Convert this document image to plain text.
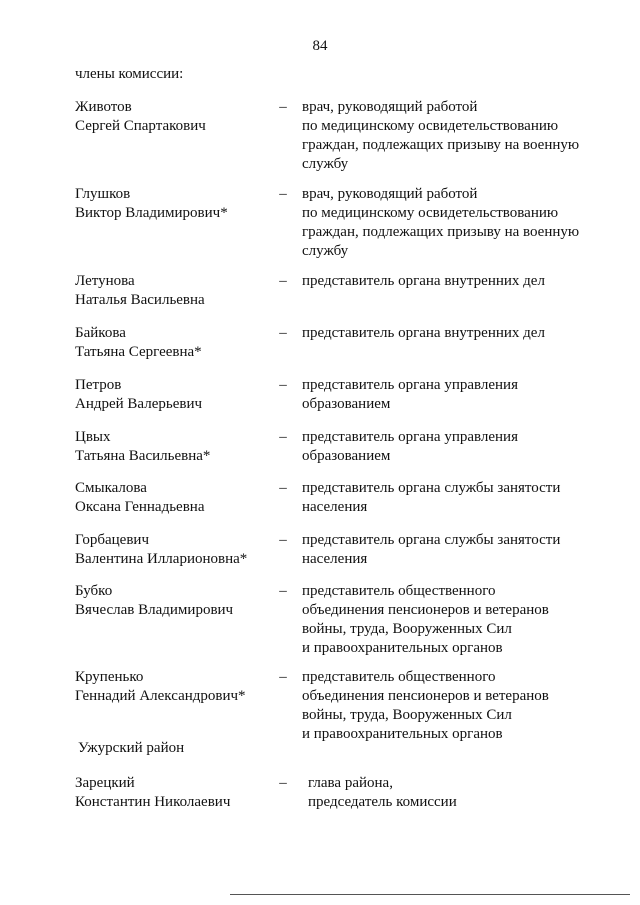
84
члены комиссии:
Животов
Сергей Спартакович
– врач, руководящий работой
по медицинскому освидетельствованию
граждан, подлежащих призыву на военную
службу
Глушков
Виктор Владимирович*
– врач, руководящий работой
по медицинскому освидетельствованию
граждан, подлежащих призыву на военную
службу
Летунова
Наталья Васильевна
– представитель органа внутренних дел
Байкова
Татьяна Сергеевна*
– представитель органа внутренних дел
Петров
Андрей Валерьевич
– представитель органа управления
образованием
Цвых
Татьяна Васильевна*
– представитель органа управления
образованием
Смыкалова
Оксана Геннадьевна
– представитель органа службы занятости
населения
Горбацевич
Валентина Илларионовна*
– представитель органа службы занятости
населения
Бубко
Вячеслав Владимирович
– представитель общественного
объединения пенсионеров и ветеранов
войны, труда, Вооруженных Сил
и правоохранительных органов
Крупенько
Геннадий Александрович*
– представитель общественного
объединения пенсионеров и ветеранов
войны, труда, Вооруженных Сил
и правоохранительных органов
Ужурский район
Зарецкий
Константин Николаевич
– глава района,
председатель комиссии
